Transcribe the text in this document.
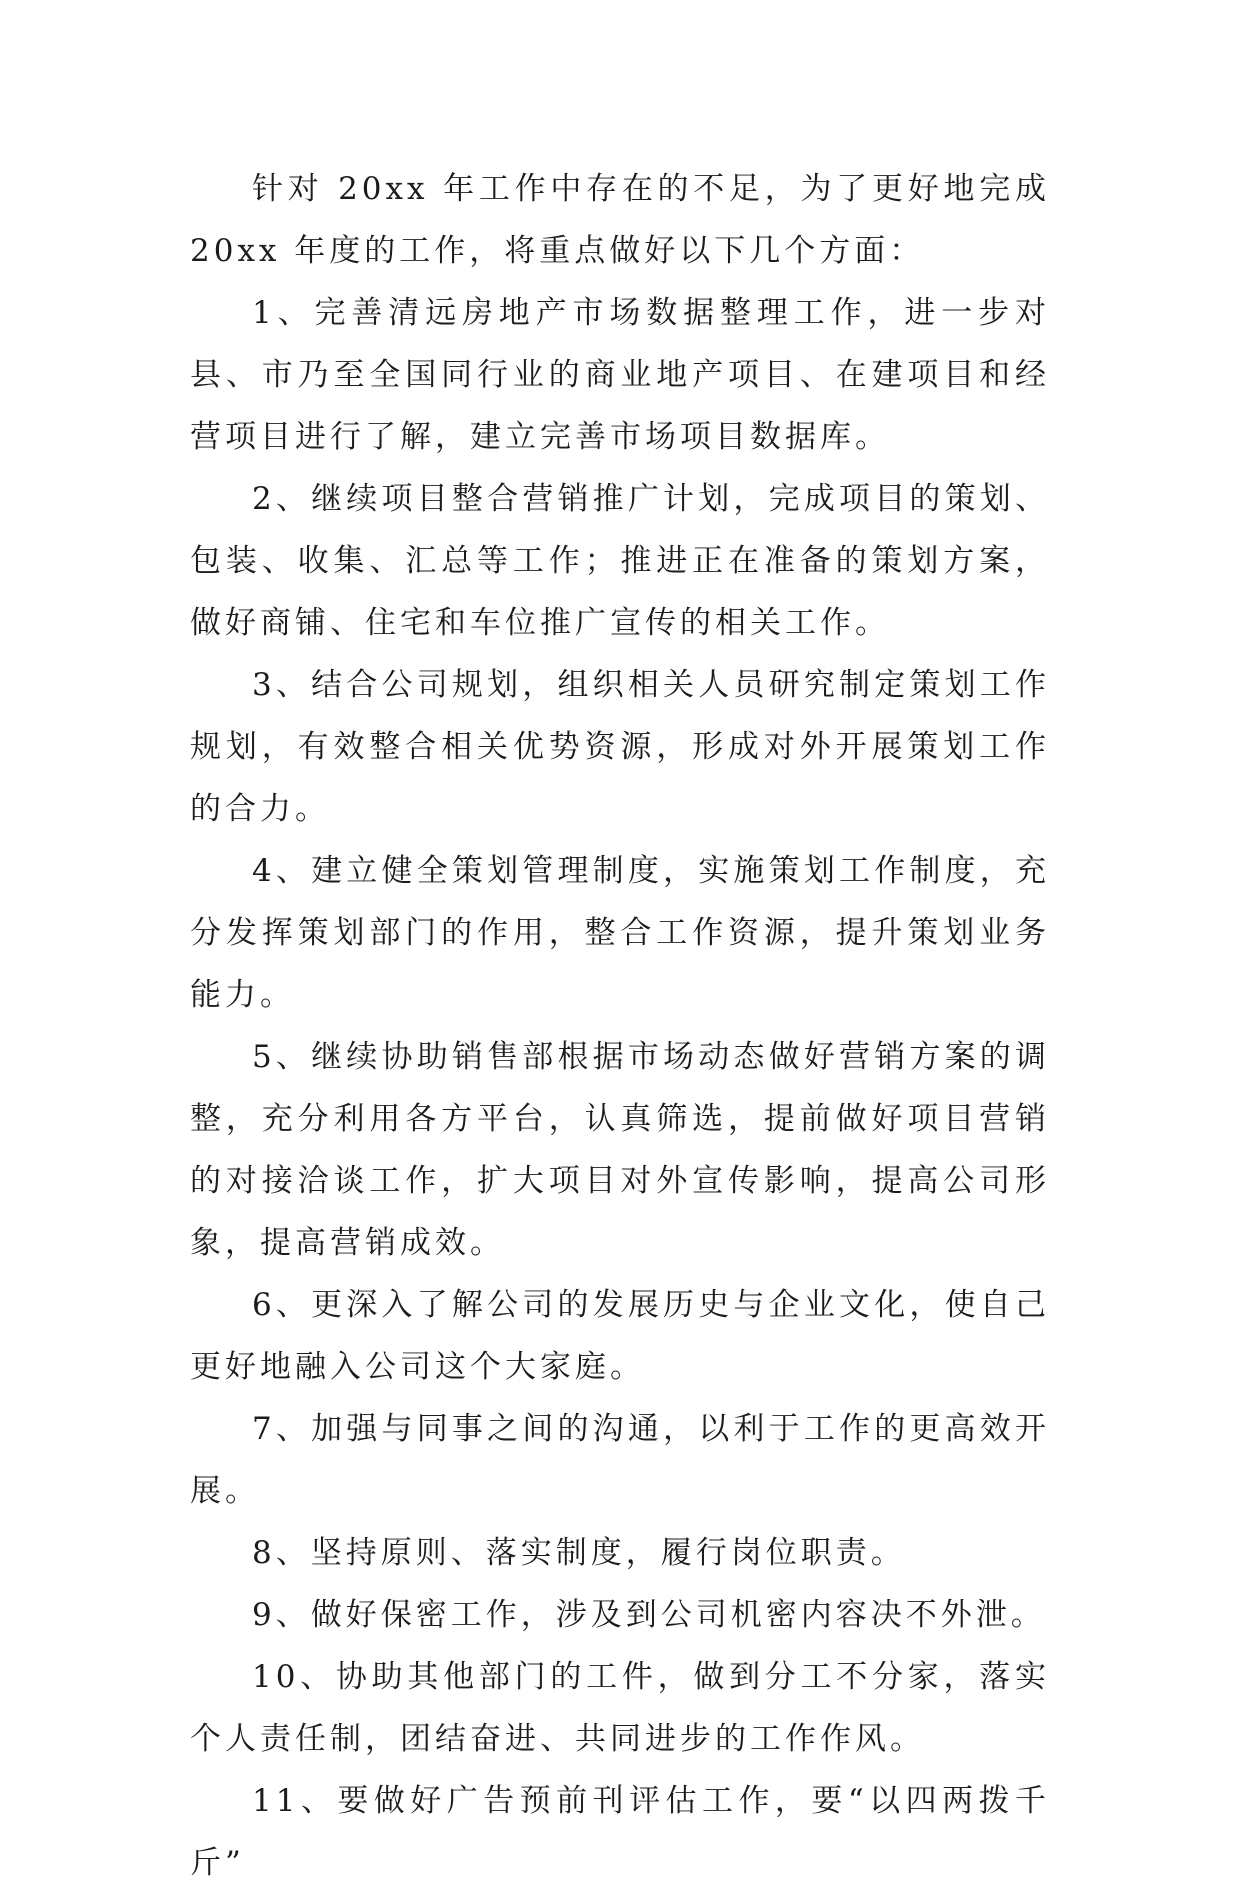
针对 20xx 年工作中存在的不足，为了更好地完成 20xx 年度的工作，将重点做好以下几个方面：

1、完善清远房地产市场数据整理工作，进一步对县、市乃至全国同行业的商业地产项目、在建项目和经营项目进行了解，建立完善市场项目数据库。

2、继续项目整合营销推广计划，完成项目的策划、包装、收集、汇总等工作；推进正在准备的策划方案，做好商铺、住宅和车位推广宣传的相关工作。

3、结合公司规划，组织相关人员研究制定策划工作规划，有效整合相关优势资源，形成对外开展策划工作的合力。

4、建立健全策划管理制度，实施策划工作制度，充分发挥策划部门的作用，整合工作资源，提升策划业务能力。

5、继续协助销售部根据市场动态做好营销方案的调整，充分利用各方平台，认真筛选，提前做好项目营销的对接洽谈工作，扩大项目对外宣传影响，提高公司形象，提高营销成效。

6、更深入了解公司的发展历史与企业文化，使自己更好地融入公司这个大家庭。

7、加强与同事之间的沟通，以利于工作的更高效开展。

8、坚持原则、落实制度，履行岗位职责。

9、做好保密工作，涉及到公司机密内容决不外泄。

10、协助其他部门的工件，做到分工不分家，落实个人责任制，团结奋进、共同进步的工作作风。

11、要做好广告预前刊评估工作，要“以四两拨千斤”
